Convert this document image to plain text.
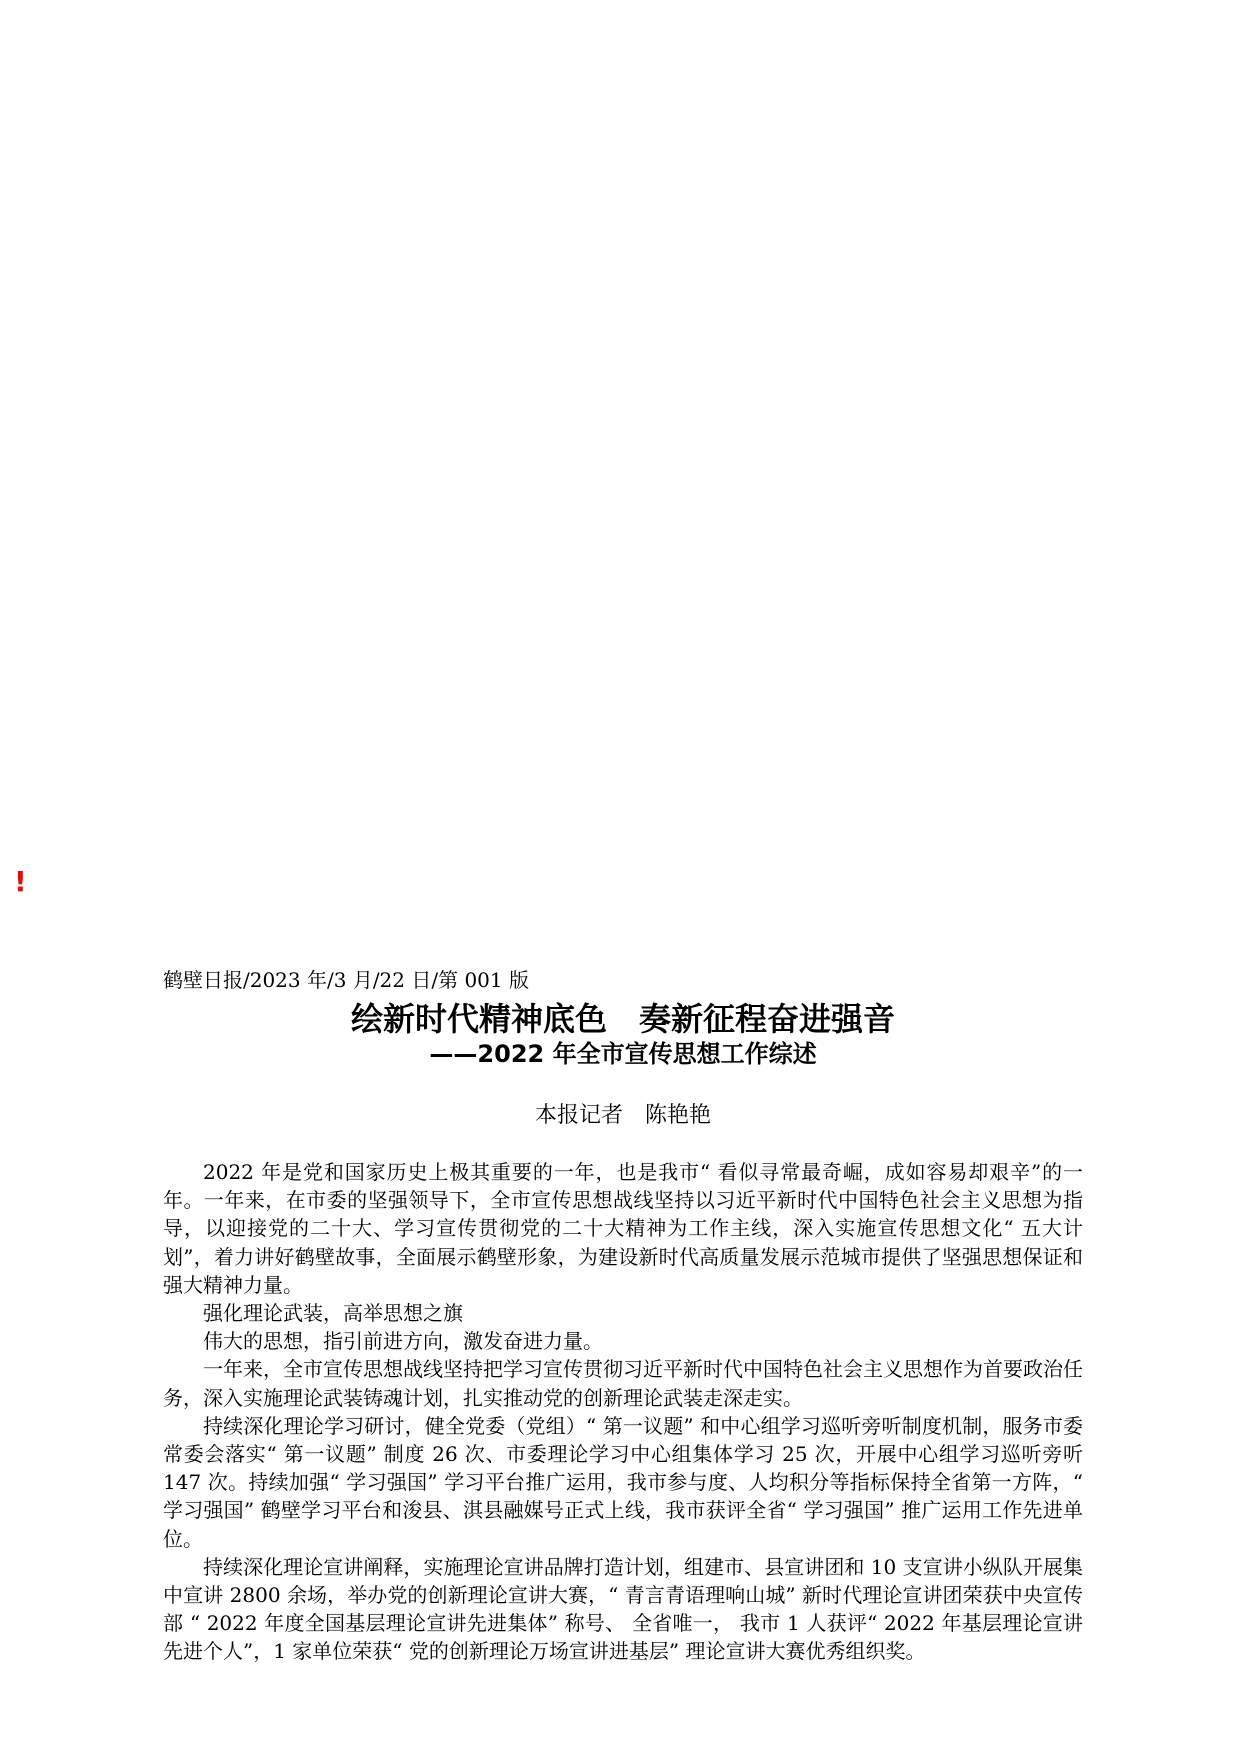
!

鹤壁日报/2023 年/3 月/22 日/第 001 版

绘新时代精神底色　奏新征程奋进强音
——2022 年全市宣传思想工作综述

本报记者　陈艳艳

2022 年是党和国家历史上极其重要的一年，也是我市“ 看似寻常最奇崛，成如容易却艰辛”的一年。一年来，在市委的坚强领导下，全市宣传思想战线坚持以习近平新时代中国特色社会主义思想为指导，以迎接党的二十大、学习宣传贯彻党的二十大精神为工作主线，深入实施宣传思想文化“ 五大计划”，着力讲好鹤壁故事，全面展示鹤壁形象，为建设新时代高质量发展示范城市提供了坚强思想保证和强大精神力量。

强化理论武装，高举思想之旗

伟大的思想，指引前进方向，激发奋进力量。

一年来，全市宣传思想战线坚持把学习宣传贯彻习近平新时代中国特色社会主义思想作为首要政治任务，深入实施理论武装铸魂计划，扎实推动党的创新理论武装走深走实。

持续深化理论学习研讨，健全党委（党组）“ 第一议题” 和中心组学习巡听旁听制度机制，服务市委常委会落实“ 第一议题” 制度 26 次、市委理论学习中心组集体学习 25 次，开展中心组学习巡听旁听 147 次。持续加强“ 学习强国” 学习平台推广运用，我市参与度、人均积分等指标保持全省第一方阵，“ 学习强国” 鹤壁学习平台和浚县、淇县融媒号正式上线，我市获评全省“ 学习强国” 推广运用工作先进单位。

持续深化理论宣讲阐释，实施理论宣讲品牌打造计划，组建市、县宣讲团和 10 支宣讲小纵队开展集中宣讲 2800 余场，举办党的创新理论宣讲大赛，“ 青言青语理响山城” 新时代理论宣讲团荣获中央宣传部 “ 2022 年度全国基层理论宣讲先进集体” 称号、 全省唯一， 我市 1 人获评“ 2022 年基层理论宣讲先进个人”，1 家单位荣获“ 党的创新理论万场宣讲进基层” 理论宣讲大赛优秀组织奖。
